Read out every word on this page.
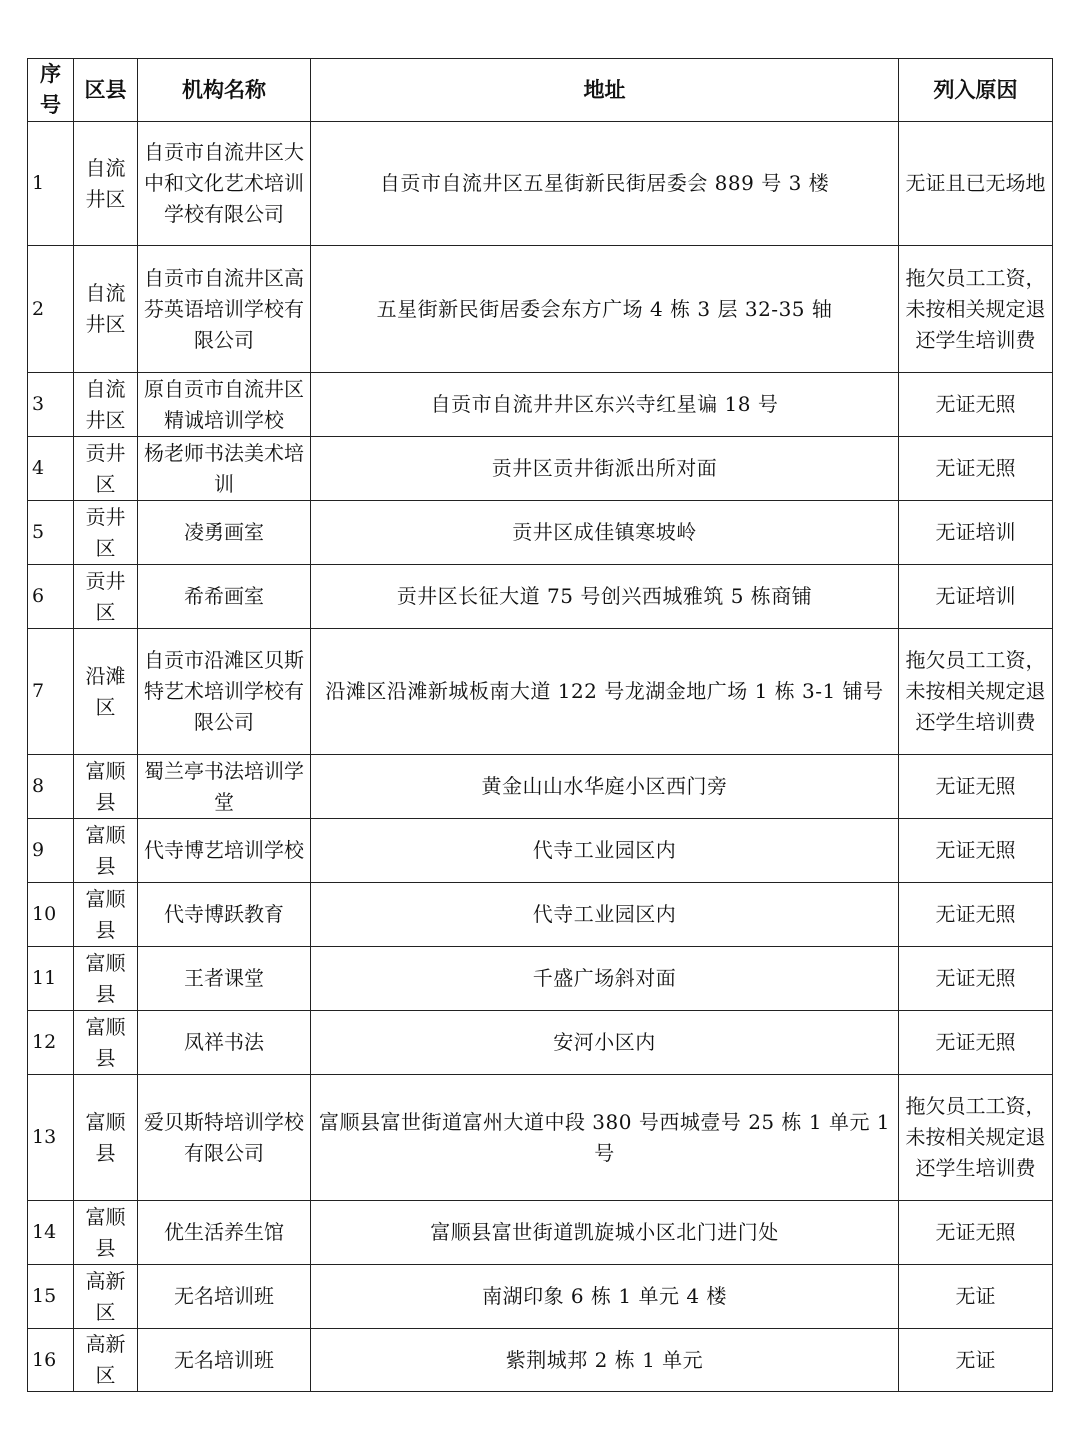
序号	区县	机构名称	地址	列入原因
1	自流井区	自贡市自流井区大中和文化艺术培训学校有限公司	自贡市自流井区五星街新民街居委会 889 号 3 楼	无证且已无场地
2	自流井区	自贡市自流井区高芬英语培训学校有限公司	五星街新民街居委会东方广场 4 栋 3 层 32-35 轴	拖欠员工工资，未按相关规定退还学生培训费
3	自流井区	原自贡市自流井区精诚培训学校	自贡市自流井井区东兴寺红星谝 18 号	无证无照
4	贡井区	杨老师书法美术培训	贡井区贡井街派出所对面	无证无照
5	贡井区	凌勇画室	贡井区成佳镇寒坡岭	无证培训
6	贡井区	希希画室	贡井区长征大道 75 号创兴西城雅筑 5 栋商铺	无证培训
7	沿滩区	自贡市沿滩区贝斯特艺术培训学校有限公司	沿滩区沿滩新城板南大道 122 号龙湖金地广场 1 栋 3-1 铺号	拖欠员工工资，未按相关规定退还学生培训费
8	富顺县	蜀兰亭书法培训学堂	黄金山山水华庭小区西门旁	无证无照
9	富顺县	代寺博艺培训学校	代寺工业园区内	无证无照
10	富顺县	代寺博跃教育	代寺工业园区内	无证无照
11	富顺县	王者课堂	千盛广场斜对面	无证无照
12	富顺县	凤祥书法	安河小区内	无证无照
13	富顺县	爱贝斯特培训学校有限公司	富顺县富世街道富州大道中段 380 号西城壹号 25 栋 1 单元 1 号	拖欠员工工资，未按相关规定退还学生培训费
14	富顺县	优生活养生馆	富顺县富世街道凯旋城小区北门进门处	无证无照
15	高新区	无名培训班	南湖印象 6 栋 1 单元 4 楼	无证
16	高新区	无名培训班	紫荆城邦 2 栋 1 单元	无证
